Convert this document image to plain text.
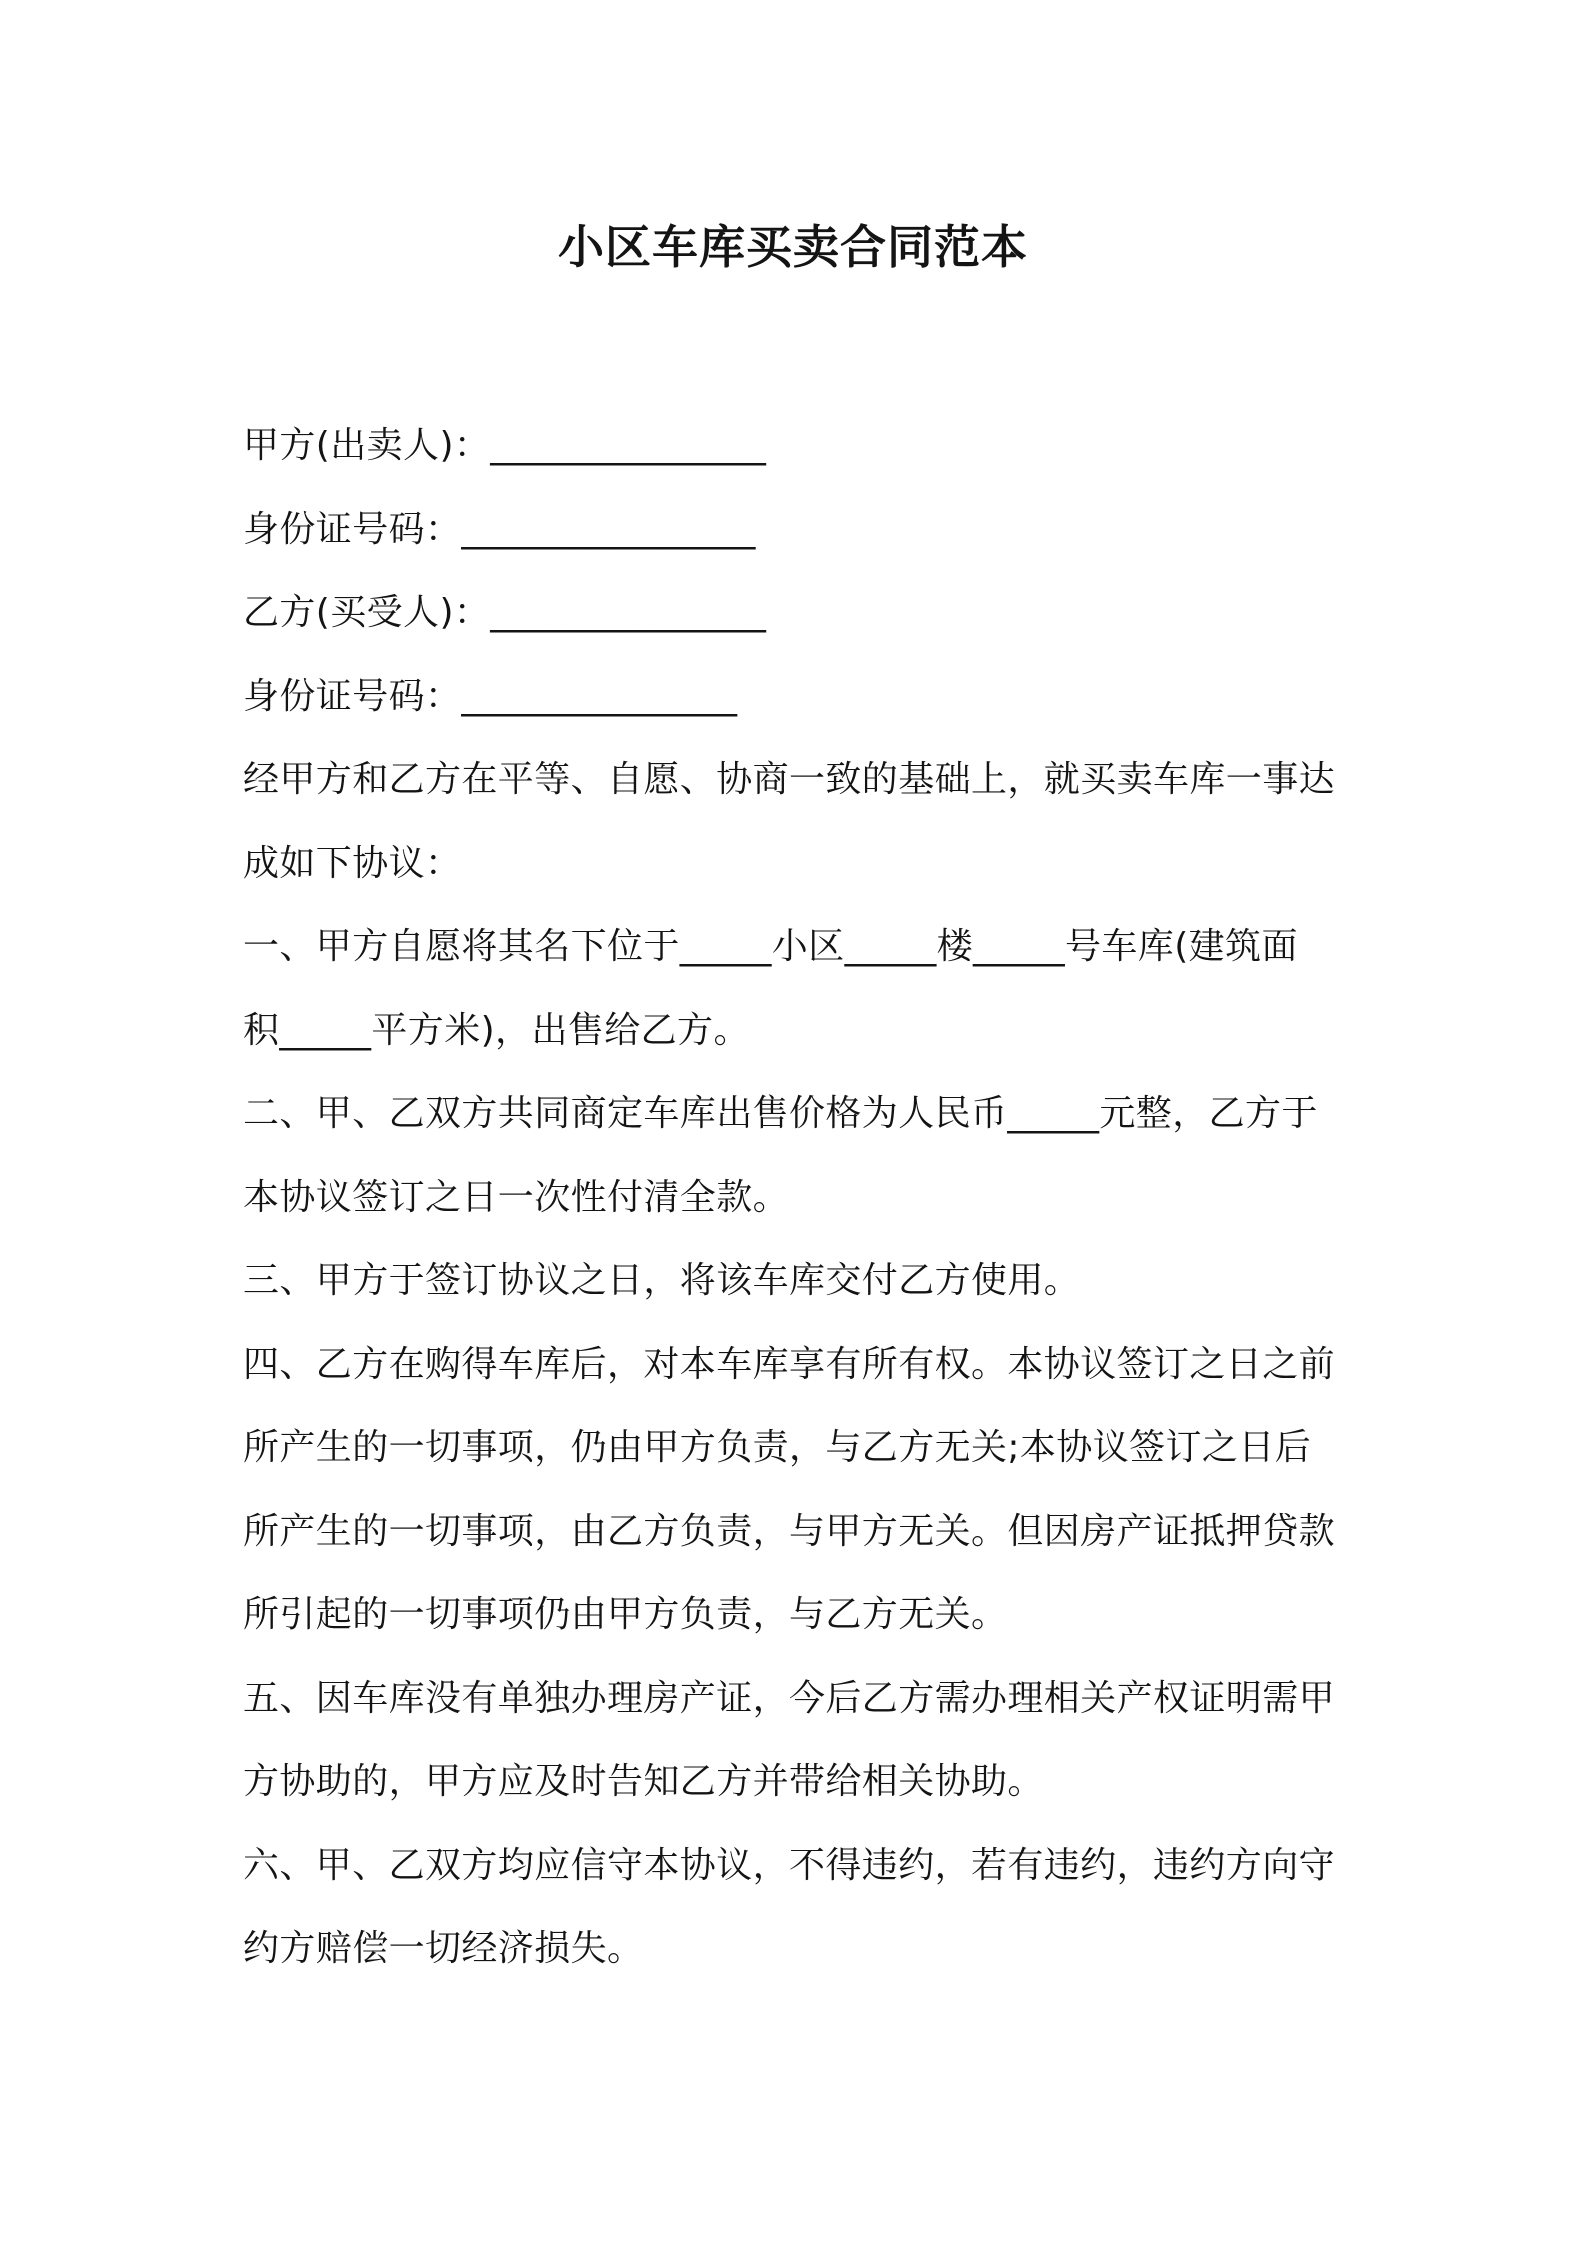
小区车库买卖合同范本
甲方(出卖人)：_______________
身份证号码：________________
乙方(买受人)：_______________
身份证号码：_______________
经甲方和乙方在平等、自愿、协商一致的基础上，就买卖车库一事达
成如下协议：
一、甲方自愿将其名下位于_____小区_____楼_____号车库(建筑面
积_____平方米)，出售给乙方。
二、甲、乙双方共同商定车库出售价格为人民币_____元整，乙方于
本协议签订之日一次性付清全款。
三、甲方于签订协议之日，将该车库交付乙方使用。
四、乙方在购得车库后，对本车库享有所有权。本协议签订之日之前
所产生的一切事项，仍由甲方负责，与乙方无关;本协议签订之日后
所产生的一切事项，由乙方负责，与甲方无关。但因房产证抵押贷款
所引起的一切事项仍由甲方负责，与乙方无关。
五、因车库没有单独办理房产证，今后乙方需办理相关产权证明需甲
方协助的，甲方应及时告知乙方并带给相关协助。
六、甲、乙双方均应信守本协议，不得违约，若有违约，违约方向守
约方赔偿一切经济损失。
